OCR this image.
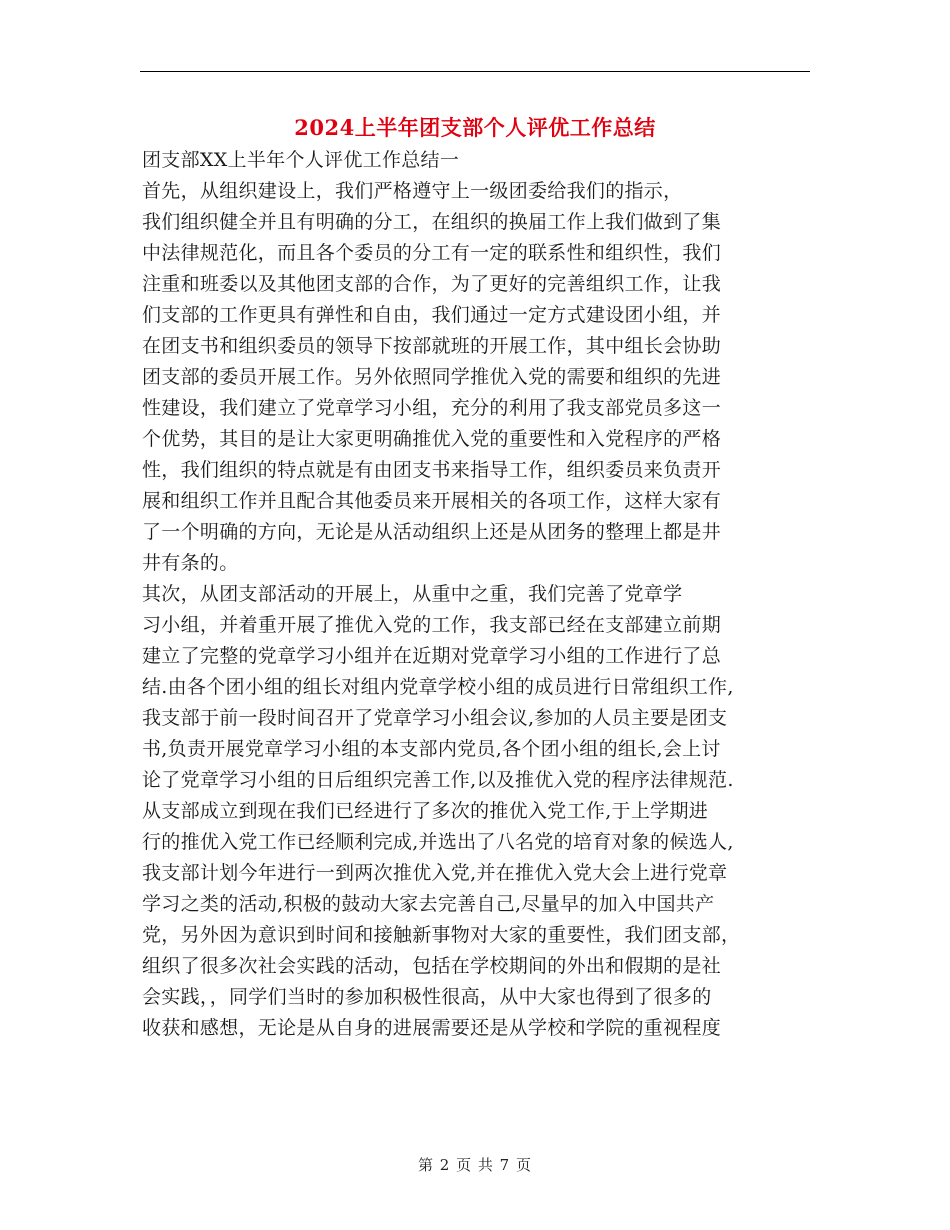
2024上半年团支部个人评优工作总结
团支部XX上半年个人评优工作总结一
首先，从组织建设上，我们严格遵守上一级团委给我们的指示，
我们组织健全并且有明确的分工，在组织的换届工作上我们做到了集
中法律规范化，而且各个委员的分工有一定的联系性和组织性，我们
注重和班委以及其他团支部的合作，为了更好的完善组织工作，让我
们支部的工作更具有弹性和自由，我们通过一定方式建设团小组，并
在团支书和组织委员的领导下按部就班的开展工作，其中组长会协助
团支部的委员开展工作。另外依照同学推优入党的需要和组织的先进
性建设，我们建立了党章学习小组，充分的利用了我支部党员多这一
个优势，其目的是让大家更明确推优入党的重要性和入党程序的严格
性，我们组织的特点就是有由团支书来指导工作，组织委员来负责开
展和组织工作并且配合其他委员来开展相关的各项工作，这样大家有
了一个明确的方向，无论是从活动组织上还是从团务的整理上都是井
井有条的。
其次，从团支部活动的开展上，从重中之重，我们完善了党章学
习小组，并着重开展了推优入党的工作，我支部已经在支部建立前期
建立了完整的党章学习小组并在近期对党章学习小组的工作进行了总
结.由各个团小组的组长对组内党章学校小组的成员进行日常组织工作,
我支部于前一段时间召开了党章学习小组会议,参加的人员主要是团支
书,负责开展党章学习小组的本支部内党员,各个团小组的组长,会上讨
论了党章学习小组的日后组织完善工作,以及推优入党的程序法律规范.
从支部成立到现在我们已经进行了多次的推优入党工作,于上学期进
行的推优入党工作已经顺利完成,并选出了八名党的培育对象的候选人,
我支部计划今年进行一到两次推优入党,并在推优入党大会上进行党章
学习之类的活动,积极的鼓动大家去完善自己,尽量早的加入中国共产
党，另外因为意识到时间和接触新事物对大家的重要性，我们团支部，
组织了很多次社会实践的活动，包括在学校期间的外出和假期的是社
会实践，，同学们当时的参加积极性很高，从中大家也得到了很多的
收获和感想，无论是从自身的进展需要还是从学校和学院的重视程度
第 2 页 共 7 页
